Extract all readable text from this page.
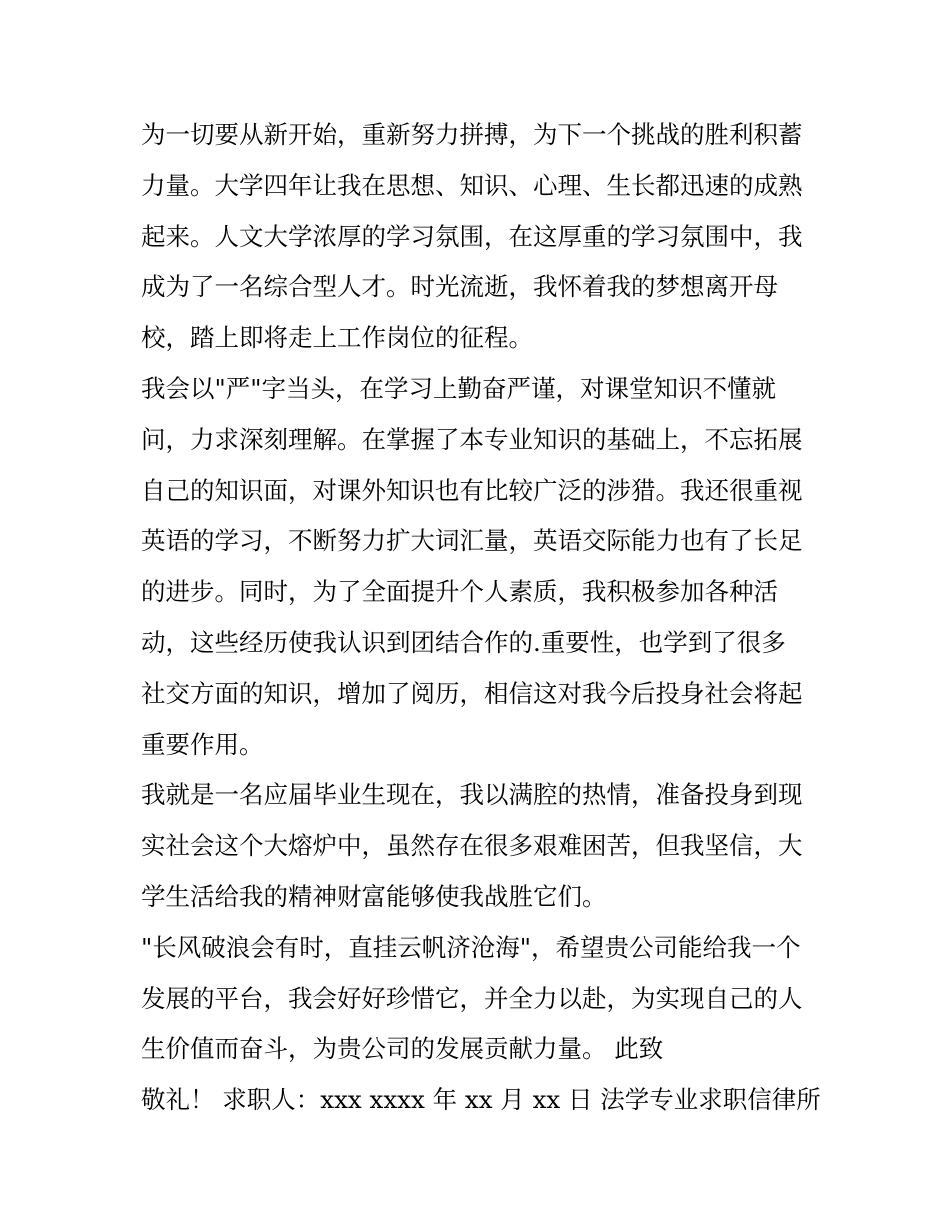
为一切要从新开始，重新努力拼搏，为下一个挑战的胜利积蓄
力量。大学四年让我在思想、知识、心理、生长都迅速的成熟
起来。人文大学浓厚的学习氛围，在这厚重的学习氛围中，我
成为了一名综合型人才。时光流逝，我怀着我的梦想离开母
校，踏上即将走上工作岗位的征程。
我会以"严"字当头，在学习上勤奋严谨，对课堂知识不懂就
问，力求深刻理解。在掌握了本专业知识的基础上，不忘拓展
自己的知识面，对课外知识也有比较广泛的涉猎。我还很重视
英语的学习，不断努力扩大词汇量，英语交际能力也有了长足
的进步。同时，为了全面提升个人素质，我积极参加各种活
动，这些经历使我认识到团结合作的.重要性，也学到了很多
社交方面的知识，增加了阅历，相信这对我今后投身社会将起
重要作用。
我就是一名应届毕业生现在，我以满腔的热情，准备投身到现
实社会这个大熔炉中，虽然存在很多艰难困苦，但我坚信，大
学生活给我的精神财富能够使我战胜它们。
"长风破浪会有时，直挂云帆济沧海"，希望贵公司能给我一个
发展的平台，我会好好珍惜它，并全力以赴，为实现自己的人
生价值而奋斗，为贵公司的发展贡献力量。 此致
敬礼！ 求职人：xxx xxxx 年 xx 月 xx 日 法学专业求职信律所
